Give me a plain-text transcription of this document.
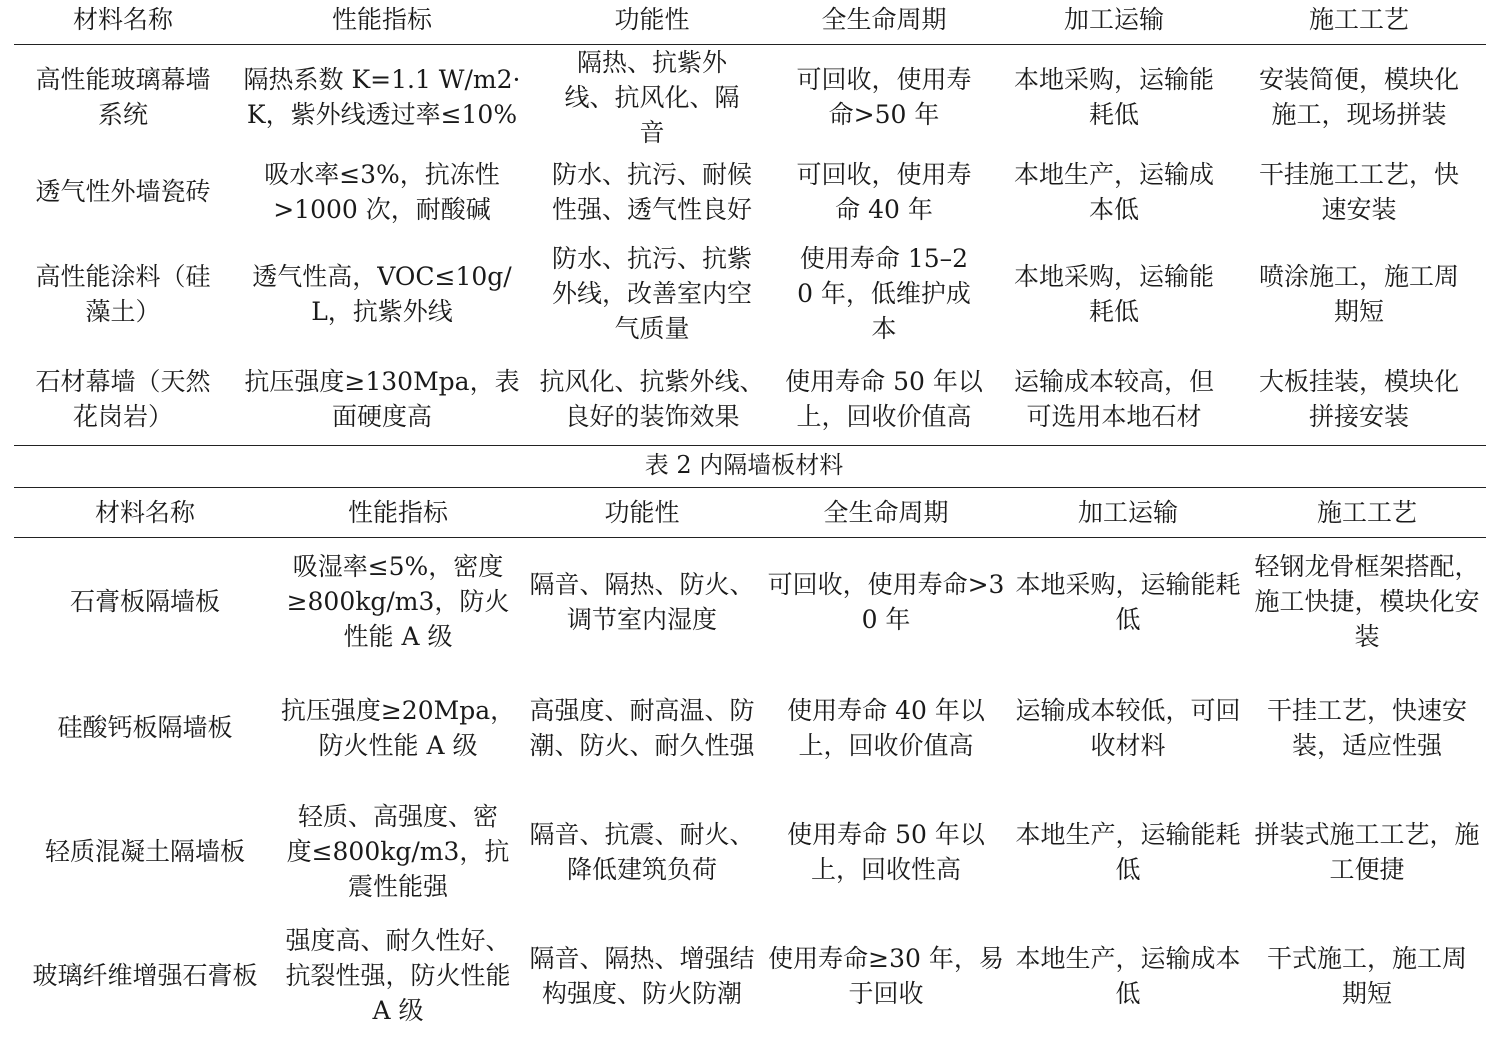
材料名称	性能指标	功能性	全生命周期	加工运输	施工工艺
高性能玻璃幕墙系统	隔热系数 K=1.1 W/m2·K，紫外线透过率≤10%	隔热、抗紫外线、抗风化、隔音	可回收，使用寿命>50 年	本地采购，运输能耗低	安装简便，模块化施工，现场拼装
透气性外墙瓷砖	吸水率≤3%，抗冻性>1000 次，耐酸碱	防水、抗污、耐候性强、透气性良好	可回收，使用寿命 40 年	本地生产，运输成本低	干挂施工工艺，快速安装
高性能涂料（硅藻土）	透气性高，VOC≤10g/L，抗紫外线	防水、抗污、抗紫外线，改善室内空气质量	使用寿命 15–20 年，低维护成本	本地采购，运输能耗低	喷涂施工，施工周期短
石材幕墙（天然花岗岩）	抗压强度≥130Mpa，表面硬度高	抗风化、抗紫外线、良好的装饰效果	使用寿命 50 年以上，回收价值高	运输成本较高，但可选用本地石材	大板挂装，模块化拼接安装
表 2 内隔墙板材料
材料名称	性能指标	功能性	全生命周期	加工运输	施工工艺
石膏板隔墙板	吸湿率≤5%，密度≥800kg/m3，防火性能 A 级	隔音、隔热、防火、调节室内湿度	可回收，使用寿命>30 年	本地采购，运输能耗低	轻钢龙骨框架搭配，施工快捷，模块化安装
硅酸钙板隔墙板	抗压强度≥20Mpa，防火性能 A 级	高强度、耐高温、防潮、防火、耐久性强	使用寿命 40 年以上，回收价值高	运输成本较低，可回收材料	干挂工艺，快速安装，适应性强
轻质混凝土隔墙板	轻质、高强度、密度≤800kg/m3，抗震性能强	隔音、抗震、耐火、降低建筑负荷	使用寿命 50 年以上，回收性高	本地生产，运输能耗低	拼装式施工工艺，施工便捷
玻璃纤维增强石膏板	强度高、耐久性好、抗裂性强，防火性能 A 级	隔音、隔热、增强结构强度、防火防潮	使用寿命≥30 年，易于回收	本地生产，运输成本低	干式施工，施工周期短
